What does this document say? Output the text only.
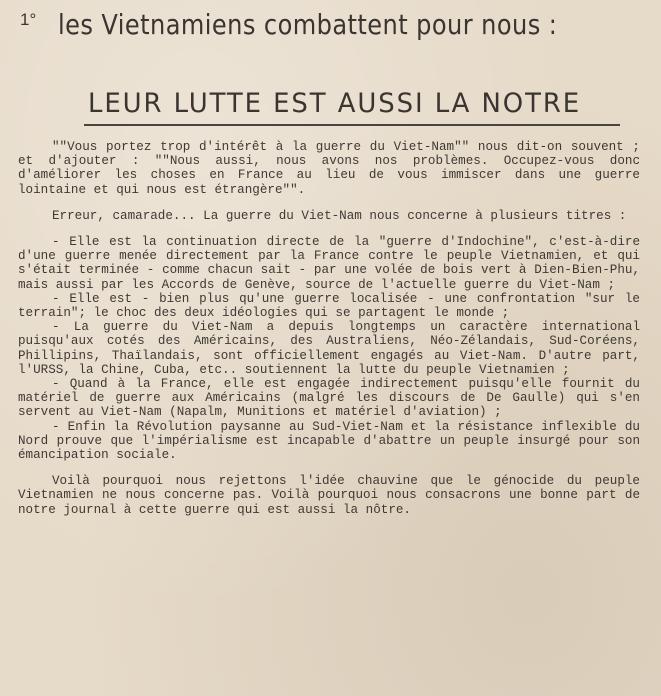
1° les Vietnamiens combattent pour nous :
LEUR LUTTE EST AUSSI LA NOTRE

""Vous portez trop d'intérêt à la guerre du Viet-Nam"" nous dit-on souvent ; et d'ajouter : ""Nous aussi, nous avons nos problèmes. Occupez-vous donc d'améliorer les choses en France au lieu de vous immiscer dans une guerre lointaine et qui nous est étrangère"".

Erreur, camarade... La guerre du Viet-Nam nous concerne à plusieurs titres :

- Elle est la continuation directe de la "guerre d'Indochine", c'est-à-dire d'une guerre menée directement par la France contre le peuple Vietnamien, et qui s'était terminée - comme chacun sait - par une volée de bois vert à Dien-Bien-Phu, mais aussi par les Accords de Genève, source de l'actuelle guerre du Viet-Nam ;

- Elle est - bien plus qu'une guerre localisée - une confrontation "sur le terrain"; le choc des deux idéologies qui se partagent le monde ;

- La guerre du Viet-Nam a depuis longtemps un caractère international puisqu'aux cotés des Américains, des Australiens, Néo-Zélandais, Sud-Coréens, Phillipins, Thaïlandais, sont officiellement engagés au Viet-Nam. D'autre part, l'URSS, la Chine, Cuba, etc.. soutiennent la lutte du peuple Vietnamien ;

- Quand à la France, elle est engagée indirectement puisqu'elle fournit du matériel de guerre aux Américains (malgré les discours de De Gaulle) qui s'en servent au Viet-Nam (Napalm, Munitions et matériel d'aviation) ;

- Enfin la Révolution paysanne au Sud-Viet-Nam et la résistance inflexible du Nord prouve que l'impérialisme est incapable d'abattre un peuple insurgé pour son émancipation sociale.

Voilà pourquoi nous rejettons l'idée chauvine que le génocide du peuple Vietnamien ne nous concerne pas. Voilà pourquoi nous consacrons une bonne part de notre journal à cette guerre qui est aussi la nôtre.
